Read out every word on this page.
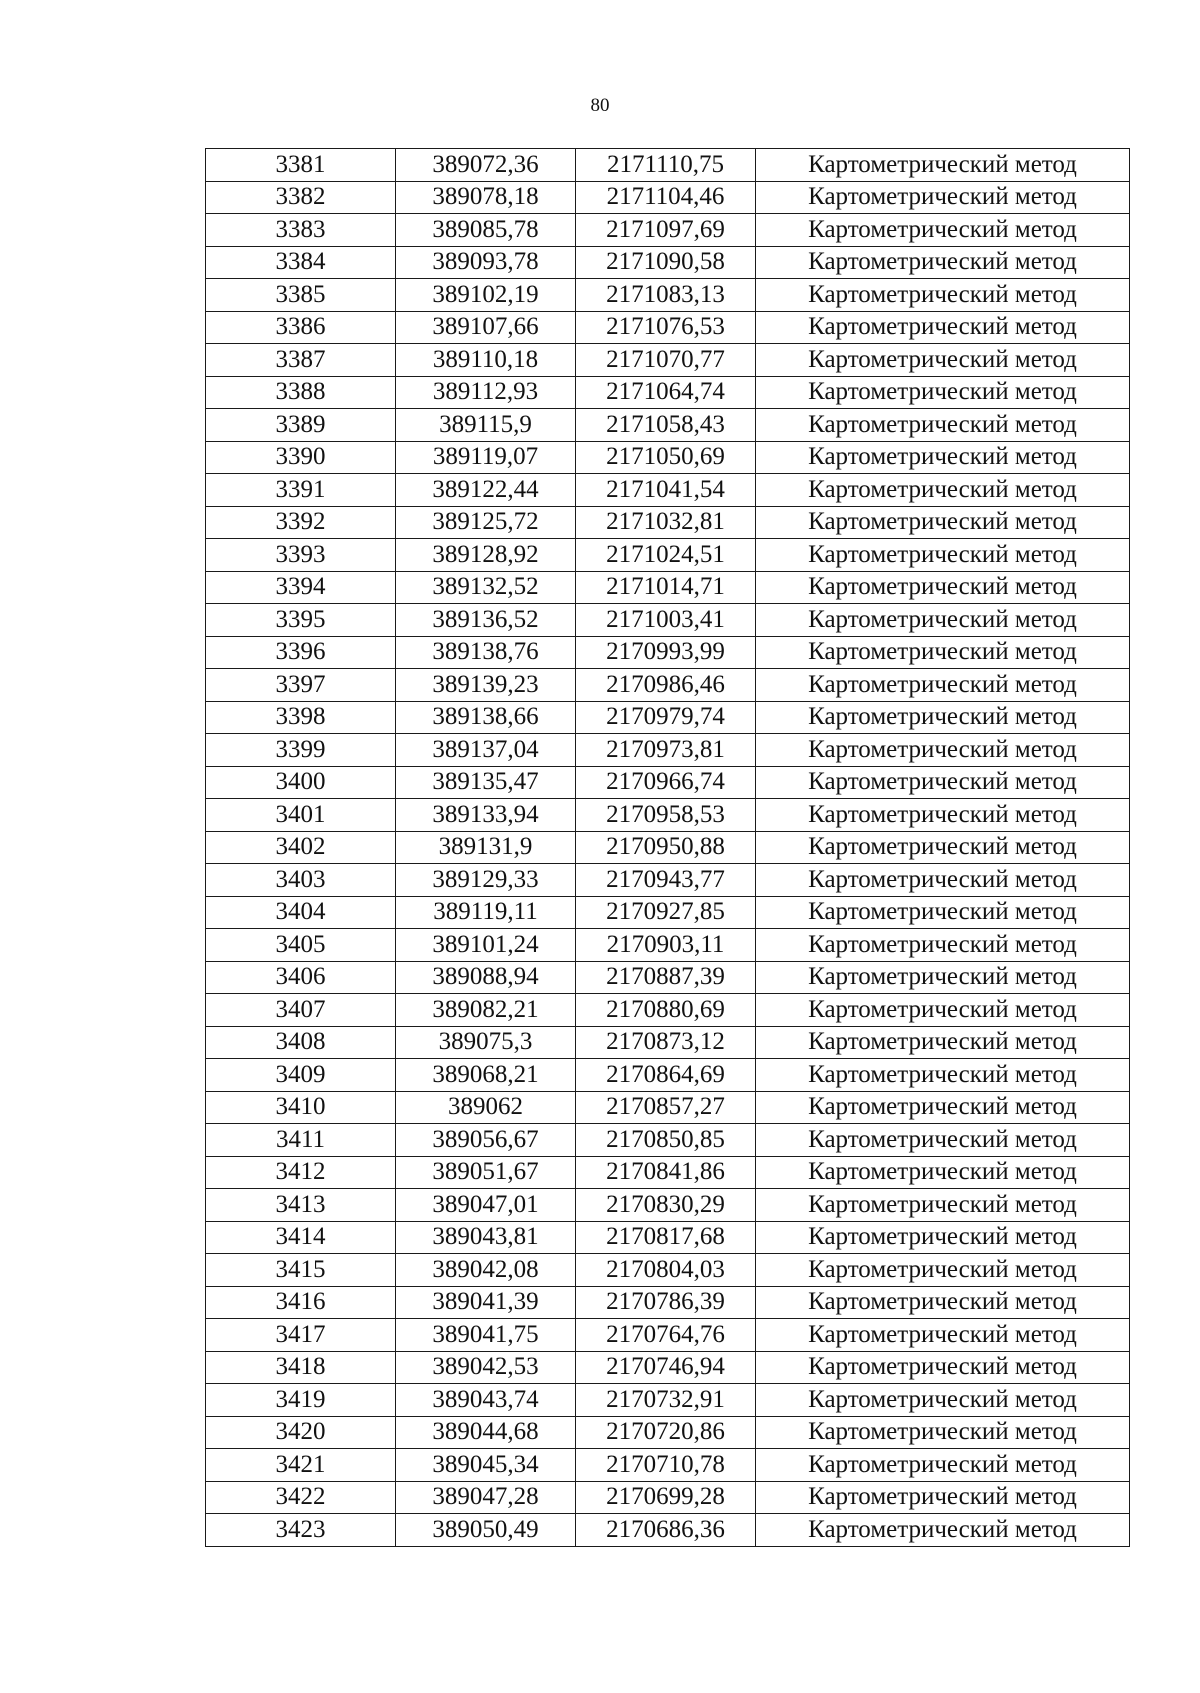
80
3381	389072,36	2171110,75	Картометрический метод
3382	389078,18	2171104,46	Картометрический метод
3383	389085,78	2171097,69	Картометрический метод
3384	389093,78	2171090,58	Картометрический метод
3385	389102,19	2171083,13	Картометрический метод
3386	389107,66	2171076,53	Картометрический метод
3387	389110,18	2171070,77	Картометрический метод
3388	389112,93	2171064,74	Картометрический метод
3389	389115,9	2171058,43	Картометрический метод
3390	389119,07	2171050,69	Картометрический метод
3391	389122,44	2171041,54	Картометрический метод
3392	389125,72	2171032,81	Картометрический метод
3393	389128,92	2171024,51	Картометрический метод
3394	389132,52	2171014,71	Картометрический метод
3395	389136,52	2171003,41	Картометрический метод
3396	389138,76	2170993,99	Картометрический метод
3397	389139,23	2170986,46	Картометрический метод
3398	389138,66	2170979,74	Картометрический метод
3399	389137,04	2170973,81	Картометрический метод
3400	389135,47	2170966,74	Картометрический метод
3401	389133,94	2170958,53	Картометрический метод
3402	389131,9	2170950,88	Картометрический метод
3403	389129,33	2170943,77	Картометрический метод
3404	389119,11	2170927,85	Картометрический метод
3405	389101,24	2170903,11	Картометрический метод
3406	389088,94	2170887,39	Картометрический метод
3407	389082,21	2170880,69	Картометрический метод
3408	389075,3	2170873,12	Картометрический метод
3409	389068,21	2170864,69	Картометрический метод
3410	389062	2170857,27	Картометрический метод
3411	389056,67	2170850,85	Картометрический метод
3412	389051,67	2170841,86	Картометрический метод
3413	389047,01	2170830,29	Картометрический метод
3414	389043,81	2170817,68	Картометрический метод
3415	389042,08	2170804,03	Картометрический метод
3416	389041,39	2170786,39	Картометрический метод
3417	389041,75	2170764,76	Картометрический метод
3418	389042,53	2170746,94	Картометрический метод
3419	389043,74	2170732,91	Картометрический метод
3420	389044,68	2170720,86	Картометрический метод
3421	389045,34	2170710,78	Картометрический метод
3422	389047,28	2170699,28	Картометрический метод
3423	389050,49	2170686,36	Картометрический метод
